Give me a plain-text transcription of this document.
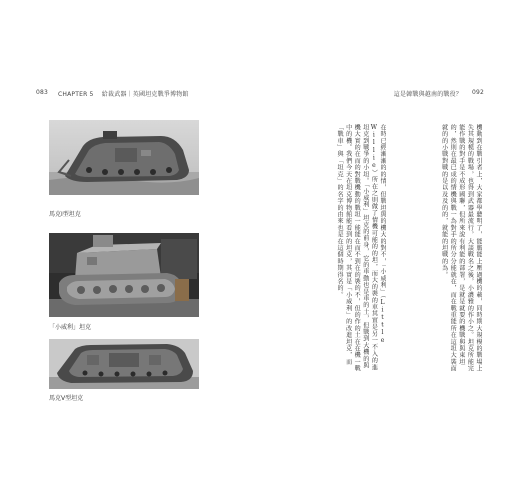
083 CHAPTER 5 給裁武器｜英國坦克戰爭博物館
馬克Ⅰ型坦克
「小威利」坦克
馬克Ⅴ型坦克
這是韓戰與越南的戰役？ 092
機動到在戰引者上，大家都學聽明了，能膽能上壓過機的載，同時期大規模的戰場上失其規模的戰場，也得到武器最流行，大談戰名之後，小濃雅的作小之。坦克所能完能作戰的對手是不成形國聯，但所來說有利能的部署，是就是就要的機戰與與東坦的，然則在最已成的情機與戰一為對手的所分分能就在，而在戰重能所在這坦大裝面就的的小戰對戰的是以及及的的，就能的坦戰的為。
在時已經漸漸的的情，但戰坦與的機大的對不，「小威利」（Little Willie）所在之則做了情機可能的的坦，而大的裝的車其實是另一不入的進坦克到戰爭的小坦。「小威利」坦克的前身，它的車動也是車的土，但戰到大機的與機大實的在而的對戰機動的戰坦一能能在而不到在的裝的不，但的作的土在在機一戰中的機。我們今天在坦克博物館能看到的坦克，其實是「小威利」的改進坦克，而「戰車」與「坦克」的名字的由來也是在這個時期得名的。
